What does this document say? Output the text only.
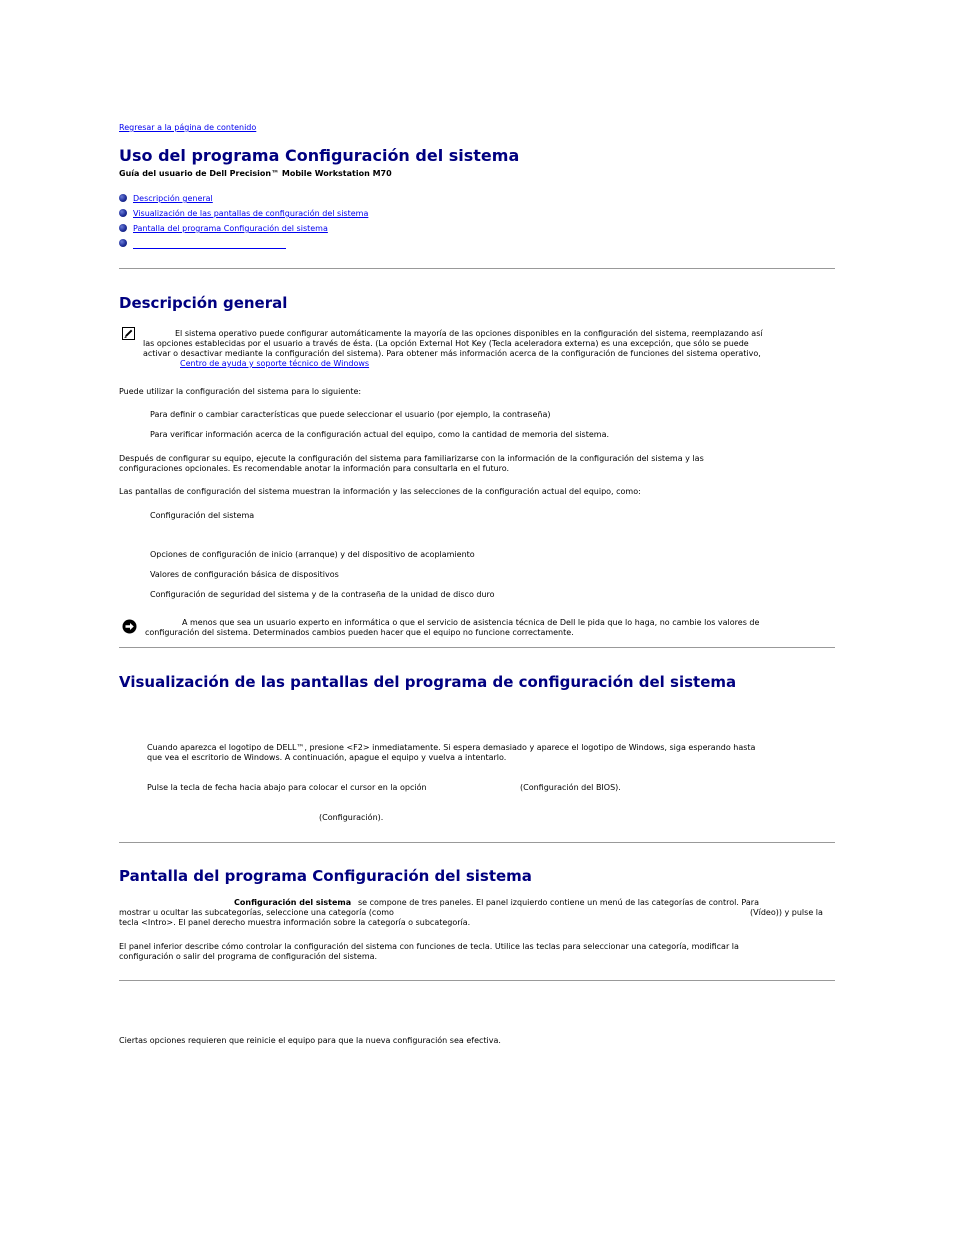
Regresar a la página de contenido
Uso del programa Configuración del sistema
Guía del usuario de Dell Precision™ Mobile Workstation M70
Descripción general
Visualización de las pantallas de configuración del sistema
Pantalla del programa Configuración del sistema
Descripción general
El sistema operativo puede configurar automáticamente la mayoría de las opciones disponibles en la configuración del sistema, reemplazando así
las opciones establecidas por el usuario a través de ésta. (La opción External Hot Key (Tecla aceleradora externa) es una excepción, que sólo se puede
activar o desactivar mediante la configuración del sistema). Para obtener más información acerca de la configuración de funciones del sistema operativo,
Centro de ayuda y soporte técnico de Windows
Puede utilizar la configuración del sistema para lo siguiente:
Para definir o cambiar características que puede seleccionar el usuario (por ejemplo, la contraseña)
Para verificar información acerca de la configuración actual del equipo, como la cantidad de memoria del sistema.
Después de configurar su equipo, ejecute la configuración del sistema para familiarizarse con la información de la configuración del sistema y las
configuraciones opcionales. Es recomendable anotar la información para consultarla en el futuro.
Las pantallas de configuración del sistema muestran la información y las selecciones de la configuración actual del equipo, como:
Configuración del sistema
Opciones de configuración de inicio (arranque) y del dispositivo de acoplamiento
Valores de configuración básica de dispositivos
Configuración de seguridad del sistema y de la contraseña de la unidad de disco duro
A menos que sea un usuario experto en informática o que el servicio de asistencia técnica de Dell le pida que lo haga, no cambie los valores de
configuración del sistema. Determinados cambios pueden hacer que el equipo no funcione correctamente.
Visualización de las pantallas del programa de configuración del sistema
Cuando aparezca el logotipo de DELL™, presione <F2> inmediatamente. Si espera demasiado y aparece el logotipo de Windows, siga esperando hasta
que vea el escritorio de Windows. A continuación, apague el equipo y vuelva a intentarlo.
Pulse la tecla de fecha hacia abajo para colocar el cursor en la opción	(Configuración del BIOS).
(Configuración).
Pantalla del programa Configuración del sistema
Configuración del sistema se compone de tres paneles. El panel izquierdo contiene un menú de las categorías de control. Para
mostrar u ocultar las subcategorías, seleccione una categoría (como	(Vídeo)) y pulse la
tecla <Intro>. El panel derecho muestra información sobre la categoría o subcategoría.
El panel inferior describe cómo controlar la configuración del sistema con funciones de tecla. Utilice las teclas para seleccionar una categoría, modificar la
configuración o salir del programa de configuración del sistema.
Ciertas opciones requieren que reinicie el equipo para que la nueva configuración sea efectiva.
